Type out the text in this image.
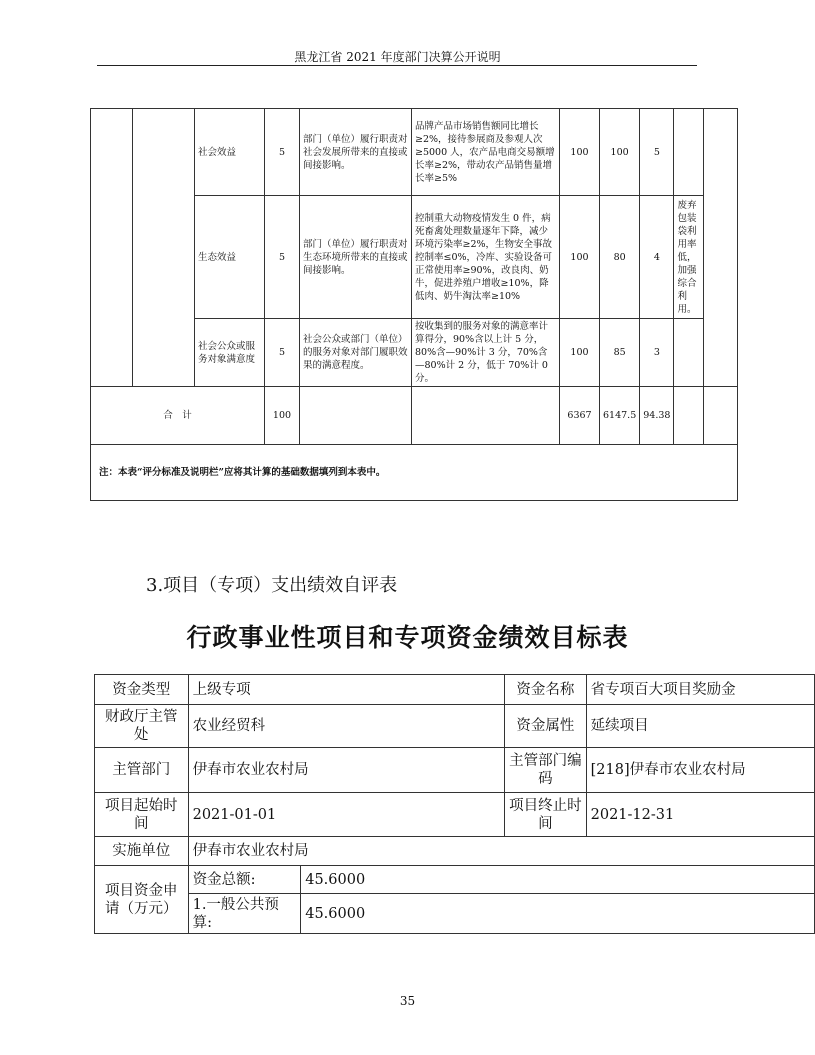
黑龙江省 2021 年度部门决算公开说明
		社会效益	5	部门（单位）履行职责对社会发展所带来的直接或间接影响。	品牌产品市场销售额同比增长≥2%，接待参展商及参观人次≥5000 人，农产品电商交易额增长率≥2%，带动农产品销售量增长率≥5%	100	100	5		
		生态效益	5	部门（单位）履行职责对生态环境所带来的直接或间接影响。	控制重大动物疫情发生 0 件，病死畜禽处理数量逐年下降，减少环境污染率≥2%，生物安全事故控制率≤0%，冷库、实验设备可正常使用率≥90%，改良肉、奶牛，促进养殖户增收≥10%，降低肉、奶牛淘汰率≥10%	100	80	4	废弃包装袋利用率低，加强综合利用。	
		社会公众或服务对象满意度	5	社会公众或部门（单位）的服务对象对部门履职效果的满意程度。	按收集到的服务对象的满意率计算得分，90%含以上计 5 分，80%含—90%计 3 分，70%含—80%计 2 分，低于 70%计 0 分。	100	85	3		
合　计			100			6367	6147.5	94.38		
注：本表“评分标准及说明栏”应将其计算的基础数据填列到本表中。										
3.项目（专项）支出绩效自评表
行政事业性项目和专项资金绩效目标表
资金类型	上级专项		资金名称	省专项百大项目奖励金
财政厅主管处	农业经贸科		资金属性	延续项目
主管部门	伊春市农业农村局		主管部门编码	[218]伊春市农业农村局
项目起始时间	2021-01-01		项目终止时间	2021-12-31
实施单位	伊春市农业农村局			
项目资金申请（万元）	资金总额:	45.6000		
	1.一般公共预算:	45.6000		
35
